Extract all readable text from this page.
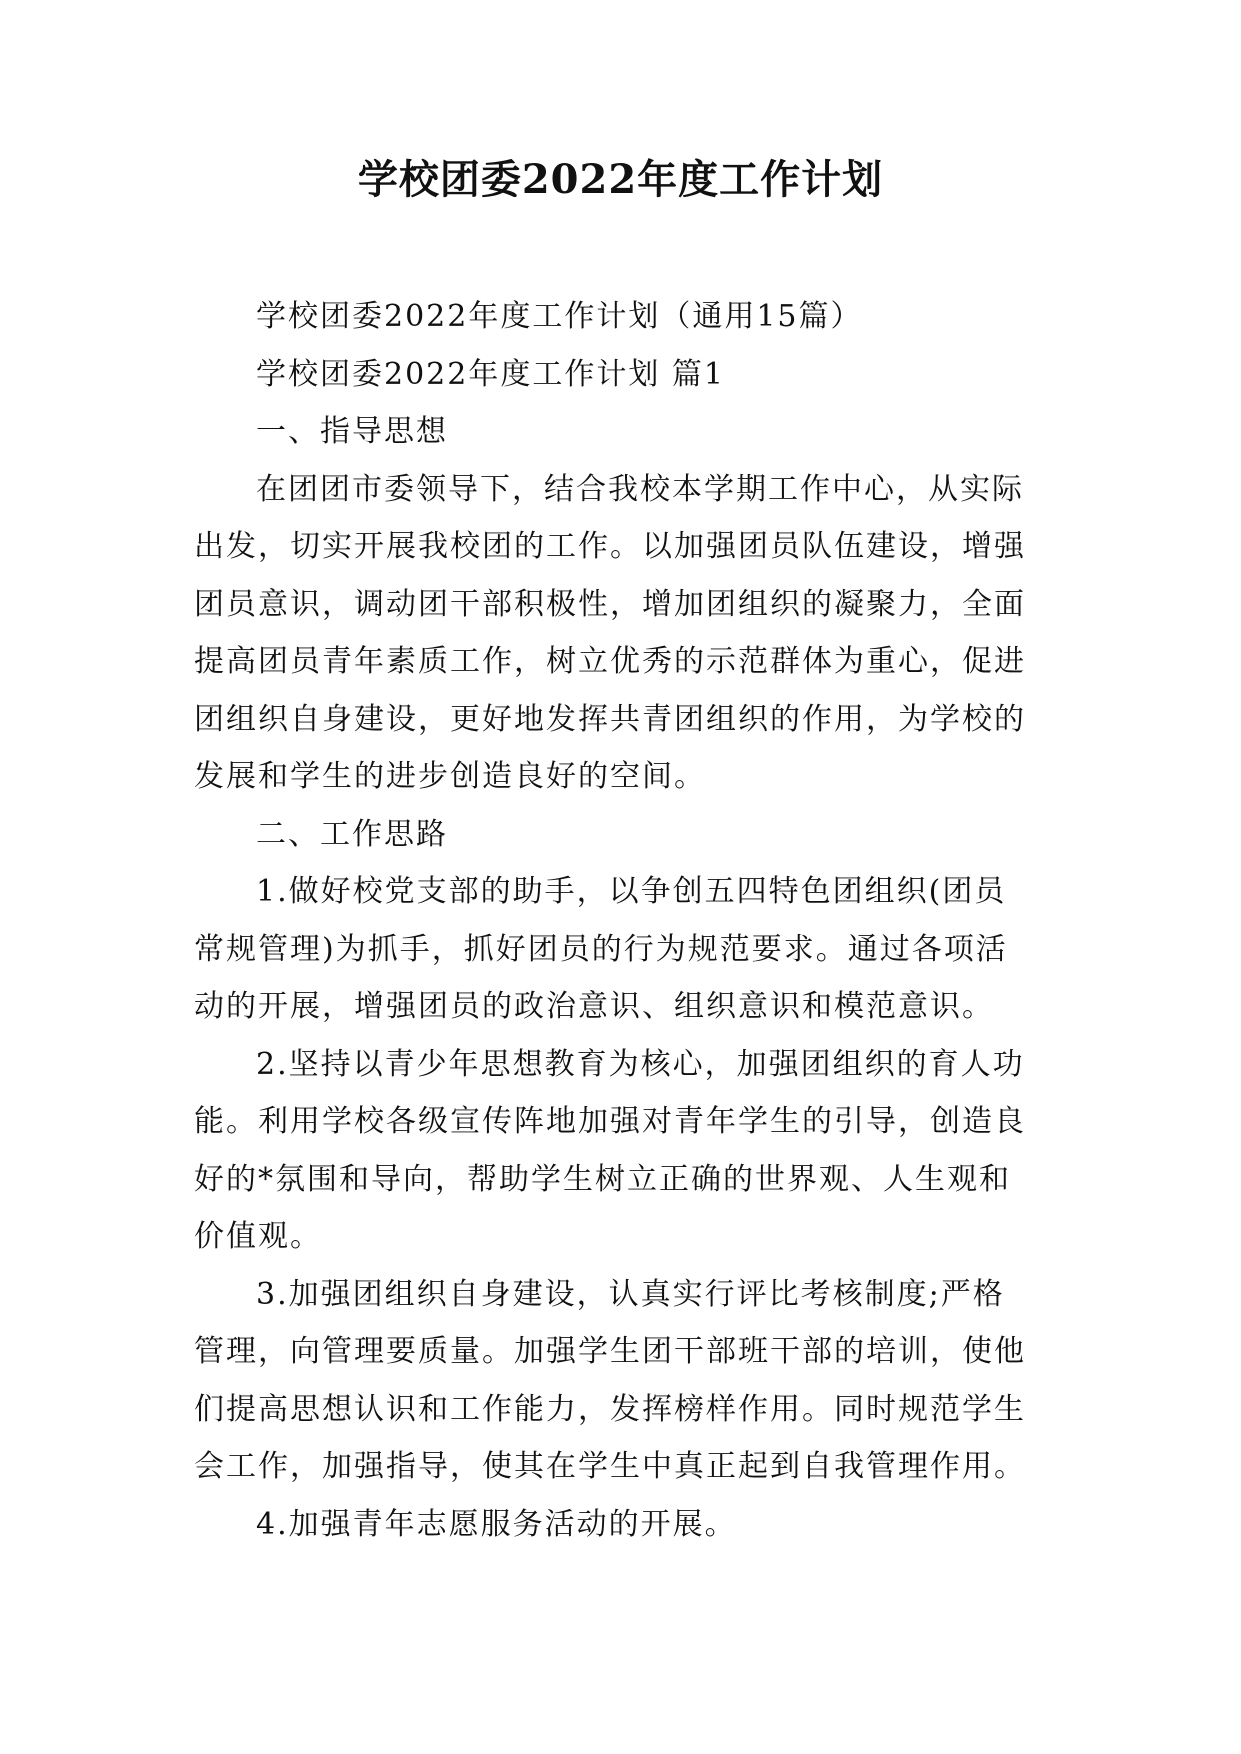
学校团委2022年度工作计划

学校团委2022年度工作计划（通用15篇）

学校团委2022年度工作计划 篇1

一、指导思想

在团团市委领导下，结合我校本学期工作中心，从实际

出发，切实开展我校团的工作。以加强团员队伍建设，增强

团员意识，调动团干部积极性，增加团组织的凝聚力，全面

提高团员青年素质工作，树立优秀的示范群体为重心，促进

团组织自身建设，更好地发挥共青团组织的作用，为学校的

发展和学生的进步创造良好的空间。

二、工作思路

1.做好校党支部的助手，以争创五四特色团组织(团员

常规管理)为抓手，抓好团员的行为规范要求。通过各项活

动的开展，增强团员的政治意识、组织意识和模范意识。

2.坚持以青少年思想教育为核心，加强团组织的育人功

能。利用学校各级宣传阵地加强对青年学生的引导，创造良

好的*氛围和导向，帮助学生树立正确的世界观、人生观和

价值观。

3.加强团组织自身建设，认真实行评比考核制度;严格

管理，向管理要质量。加强学生团干部班干部的培训，使他

们提高思想认识和工作能力，发挥榜样作用。同时规范学生

会工作，加强指导，使其在学生中真正起到自我管理作用。

4.加强青年志愿服务活动的开展。
